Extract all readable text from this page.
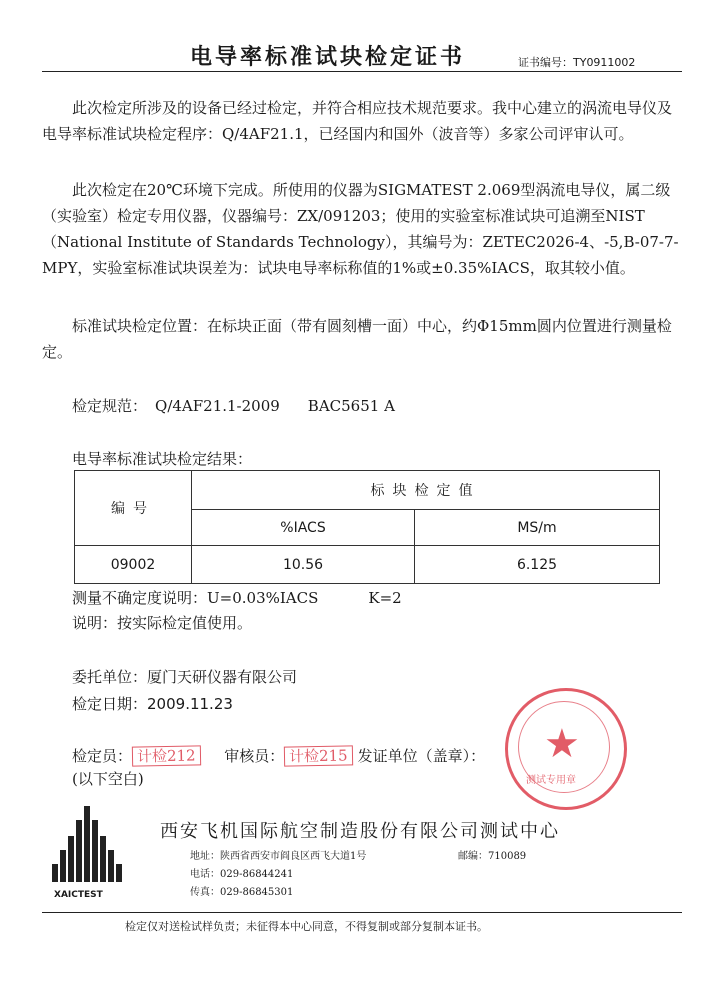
电导率标准试块检定证书	证书编号：TY0911002
此次检定所涉及的设备已经过检定，并符合相应技术规范要求。我中心建立的涡流电导仪及电导率标准试块检定程序：Q/4AF21.1，已经国内和国外（波音等）多家公司评审认可。
此次检定在20℃环境下完成。所使用的仪器为SIGMATEST 2.069型涡流电导仪，属二级（实验室）检定专用仪器，仪器编号：ZX/091203；使用的实验室标准试块可追溯至NIST（National Institute of Standards Technology），其编号为：ZETEC2026-4、-5,B-07-7-MPY，实验室标准试块误差为：试块电导率标称值的1%或±0.35%IACS，取其较小值。
标准试块检定位置：在标块正面（带有圆刻槽一面）中心，约Φ15mm圆内位置进行测量检定。
检定规范： Q/4AF21.1-2009 BAC5651 A
电导率标准试块检定结果：
编号	标块检定值	
	%IACS	MS/m
09002	10.56	6.125
测量不确定度说明：U=0.03%IACS	K=2
说明：按实际检定值使用。
委托单位：厦门天研仪器有限公司
检定日期：2009.11.23
检定员： 计检212 审核员： 计检215 发证单位（盖章）：
(以下空白)
★
测试专用章
XAICTEST
西安飞机国际航空制造股份有限公司测试中心
地址：陕西省西安市阎良区西飞大道1号	邮编：710089
电话：029-86844241
传真：029-86845301
检定仅对送检试样负责；未征得本中心同意，不得复制或部分复制本证书。
